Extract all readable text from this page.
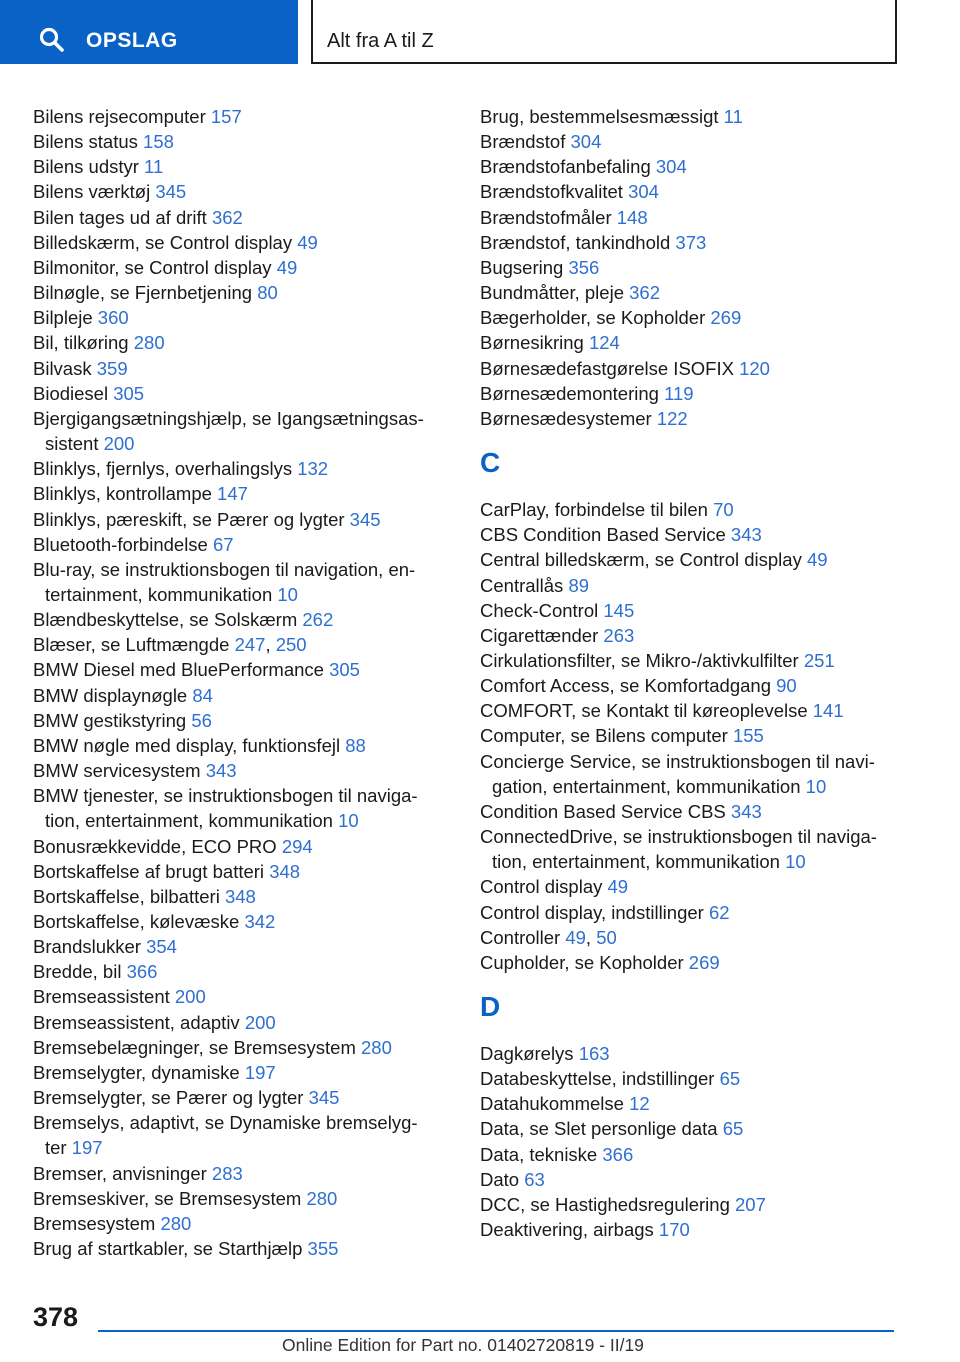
OPSLAG	Alt fra A til Z
Bilens rejsecomputer 157
Bilens status 158
Bilens udstyr 11
Bilens værktøj 345
Bilen tages ud af drift 362
Billedskærm, se Control display 49
Bilmonitor, se Control display 49
Bilnøgle, se Fjernbetjening 80
Bilpleje 360
Bil, tilkøring 280
Bilvask 359
Biodiesel 305
Bjergigangsætningshjælp, se Igangsætningsas-
sistent 200
Blinklys, fjernlys, overhalingslys 132
Blinklys, kontrollampe 147
Blinklys, pæreskift, se Pærer og lygter 345
Bluetooth-forbindelse 67
Blu-ray, se instruktionsbogen til navigation, en-
tertainment, kommunikation 10
Blændbeskyttelse, se Solskærm 262
Blæser, se Luftmængde 247, 250
BMW Diesel med BluePerformance 305
BMW displaynøgle 84
BMW gestikstyring 56
BMW nøgle med display, funktionsfejl 88
BMW servicesystem 343
BMW tjenester, se instruktionsbogen til naviga-
tion, entertainment, kommunikation 10
Bonusrækkevidde, ECO PRO 294
Bortskaffelse af brugt batteri 348
Bortskaffelse, bilbatteri 348
Bortskaffelse, kølevæske 342
Brandslukker 354
Bredde, bil 366
Bremseassistent 200
Bremseassistent, adaptiv 200
Bremsebelægninger, se Bremsesystem 280
Bremselygter, dynamiske 197
Bremselygter, se Pærer og lygter 345
Bremselys, adaptivt, se Dynamiske bremselyg-
ter 197
Bremser, anvisninger 283
Bremseskiver, se Bremsesystem 280
Bremsesystem 280
Brug af startkabler, se Starthjælp 355
Brug, bestemmelsesmæssigt 11
Brændstof 304
Brændstofanbefaling 304
Brændstofkvalitet 304
Brændstofmåler 148
Brændstof, tankindhold 373
Bugsering 356
Bundmåtter, pleje 362
Bægerholder, se Kopholder 269
Børnesikring 124
Børnesædefastgørelse ISOFIX 120
Børnesædemontering 119
Børnesædesystemer 122
C
CarPlay, forbindelse til bilen 70
CBS Condition Based Service 343
Central billedskærm, se Control display 49
Centrallås 89
Check-Control 145
Cigarettænder 263
Cirkulationsfilter, se Mikro-/aktivkulfilter 251
Comfort Access, se Komfortadgang 90
COMFORT, se Kontakt til køreoplevelse 141
Computer, se Bilens computer 155
Concierge Service, se instruktionsbogen til navi-
gation, entertainment, kommunikation 10
Condition Based Service CBS 343
ConnectedDrive, se instruktionsbogen til naviga-
tion, entertainment, kommunikation 10
Control display 49
Control display, indstillinger 62
Controller 49, 50
Cupholder, se Kopholder 269
D
Dagkørelys 163
Databeskyttelse, indstillinger 65
Datahukommelse 12
Data, se Slet personlige data 65
Data, tekniske 366
Dato 63
DCC, se Hastighedsregulering 207
Deaktivering, airbags 170
378
Online Edition for Part no. 01402720819 - II/19
